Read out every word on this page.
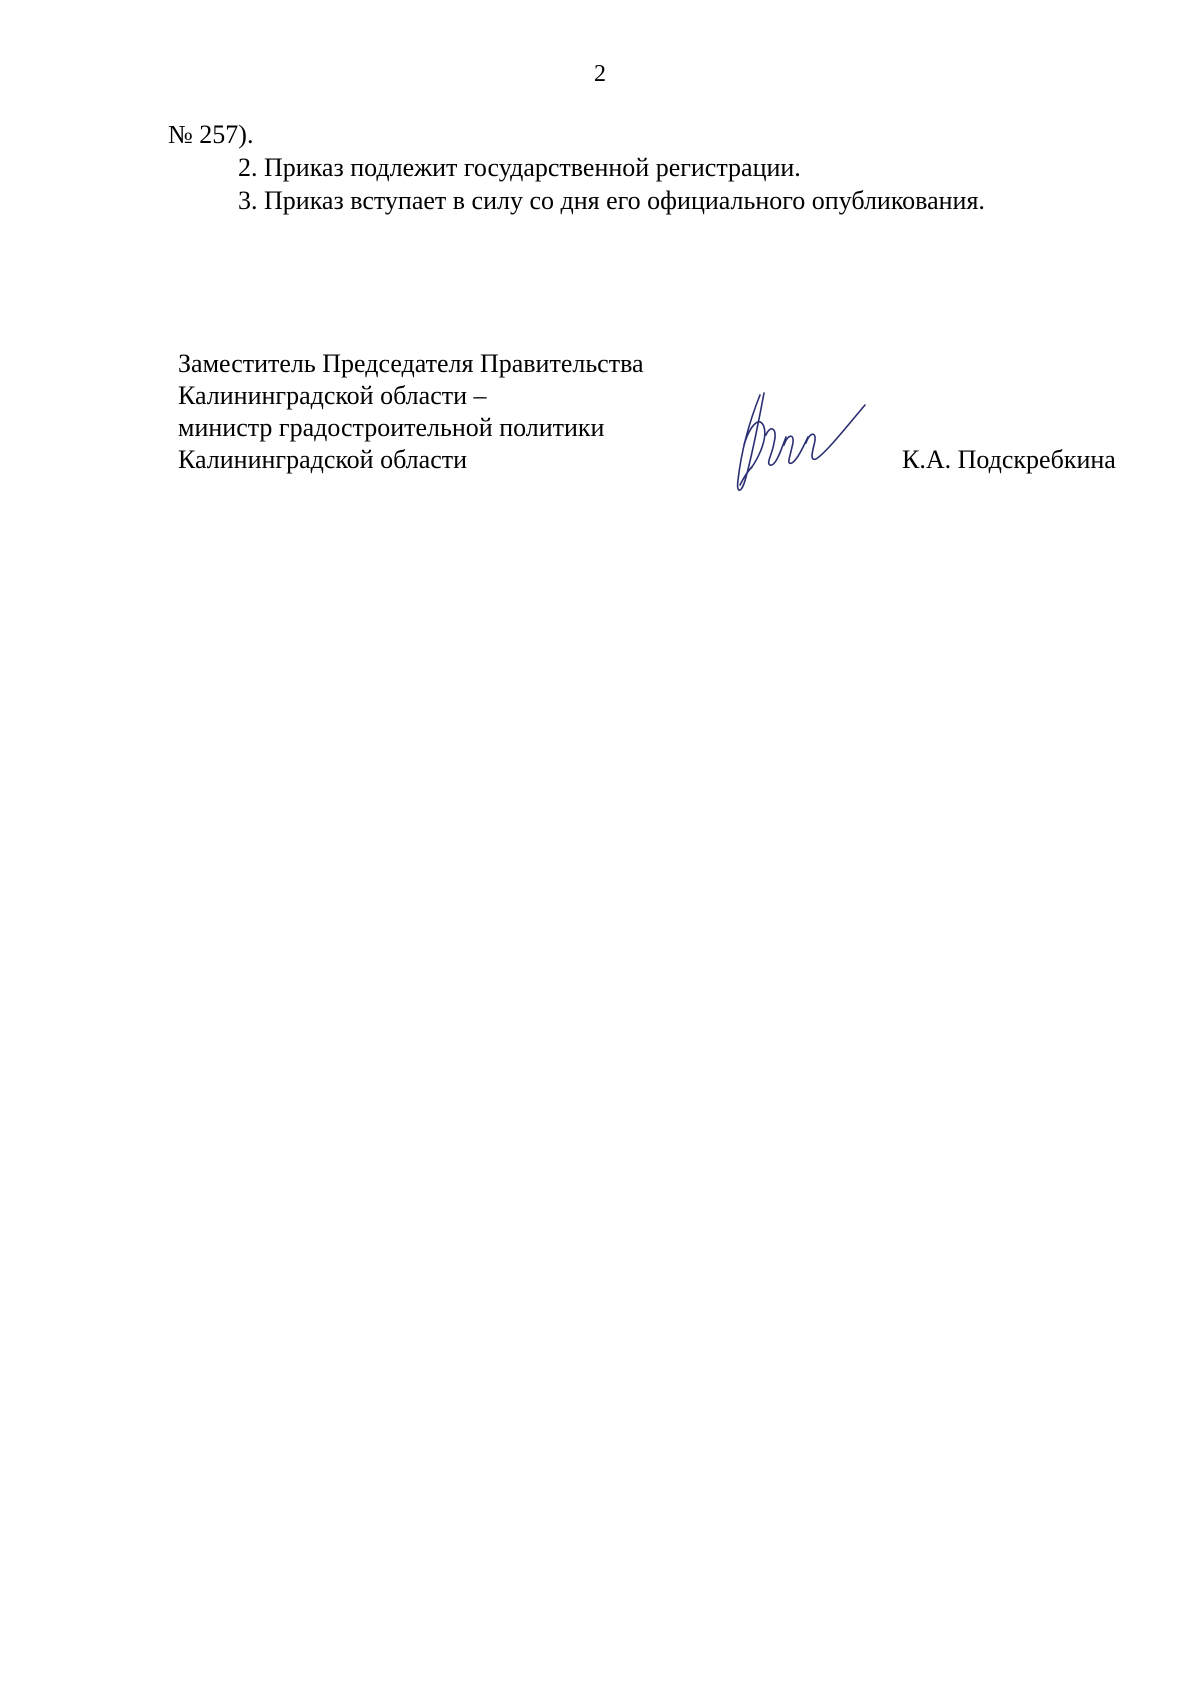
2
№ 257).
2. Приказ подлежит государственной регистрации.
3. Приказ вступает в силу со дня его официального опубликования.
Заместитель Председателя Правительства
Калининградской области –
министр градостроительной политики
Калининградской области	К.А. Подскребкина
